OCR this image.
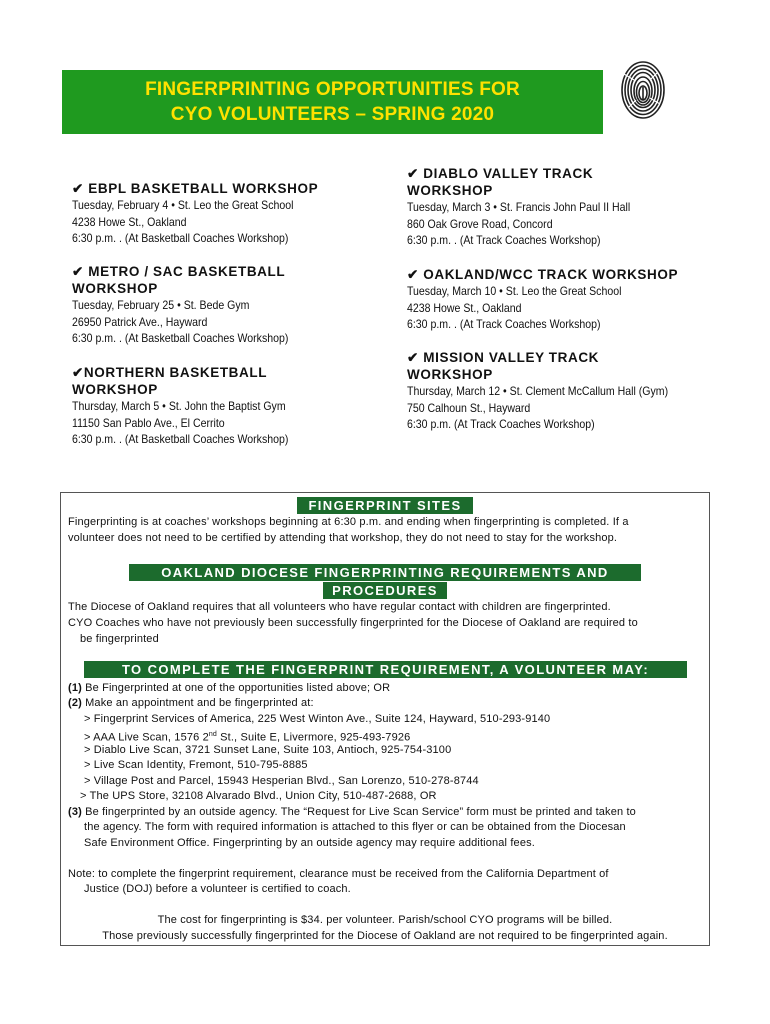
FINGERPRINTING OPPORTUNITIES FOR
CYO VOLUNTEERS – SPRING 2020
✔ EBPL BASKETBALL WORKSHOP
Tuesday, February 4 • St. Leo the Great School
4238 Howe St., Oakland
6:30 p.m. . (At Basketball Coaches Workshop)
✔ METRO / SAC BASKETBALL
WORKSHOP
Tuesday, February 25 • St. Bede Gym
26950 Patrick Ave., Hayward
6:30 p.m. . (At Basketball Coaches Workshop)
✔NORTHERN BASKETBALL
WORKSHOP
Thursday, March 5 • St. John the Baptist Gym
11150 San Pablo Ave., El Cerrito
6:30 p.m. . (At Basketball Coaches Workshop)
✔ DIABLO VALLEY TRACK
WORKSHOP
Tuesday, March 3 • St. Francis John Paul II Hall
860 Oak Grove Road, Concord
6:30 p.m. . (At Track Coaches Workshop)
✔ OAKLAND/WCC TRACK WORKSHOP
Tuesday, March 10 • St. Leo the Great School
4238 Howe St., Oakland
6:30 p.m. . (At Track Coaches Workshop)
✔ MISSION VALLEY TRACK
WORKSHOP
Thursday, March 12 • St. Clement McCallum Hall (Gym)
750 Calhoun St., Hayward
6:30 p.m. (At Track Coaches Workshop)
FINGERPRINT SITES
Fingerprinting is at coaches’ workshops beginning at 6:30 p.m. and ending when fingerprinting is completed. If a
volunteer does not need to be certified by attending that workshop, they do not need to stay for the workshop.
OAKLAND DIOCESE FINGERPRINTING REQUIREMENTS AND
PROCEDURES
The Diocese of Oakland requires that all volunteers who have regular contact with children are fingerprinted.
CYO Coaches who have not previously been successfully fingerprinted for the Diocese of Oakland are required to
be fingerprinted
TO COMPLETE THE FINGERPRINT REQUIREMENT, A VOLUNTEER MAY:
(1) Be Fingerprinted at one of the opportunities listed above; OR
(2) Make an appointment and be fingerprinted at:
> Fingerprint Services of America, 225 West Winton Ave., Suite 124, Hayward, 510-293-9140
> AAA Live Scan, 1576 2nd St., Suite E, Livermore, 925-493-7926
> Diablo Live Scan, 3721 Sunset Lane, Suite 103, Antioch, 925-754-3100
> Live Scan Identity, Fremont, 510-795-8885
> Village Post and Parcel, 15943 Hesperian Blvd., San Lorenzo, 510-278-8744
> The UPS Store, 32108 Alvarado Blvd., Union City, 510-487-2688, OR
(3) Be fingerprinted by an outside agency. The “Request for Live Scan Service” form must be printed and taken to
the agency. The form with required information is attached to this flyer or can be obtained from the Diocesan
Safe Environment Office. Fingerprinting by an outside agency may require additional fees.
Note: to complete the fingerprint requirement, clearance must be received from the California Department of
Justice (DOJ) before a volunteer is certified to coach.
The cost for fingerprinting is $34. per volunteer. Parish/school CYO programs will be billed.
Those previously successfully fingerprinted for the Diocese of Oakland are not required to be fingerprinted again.
